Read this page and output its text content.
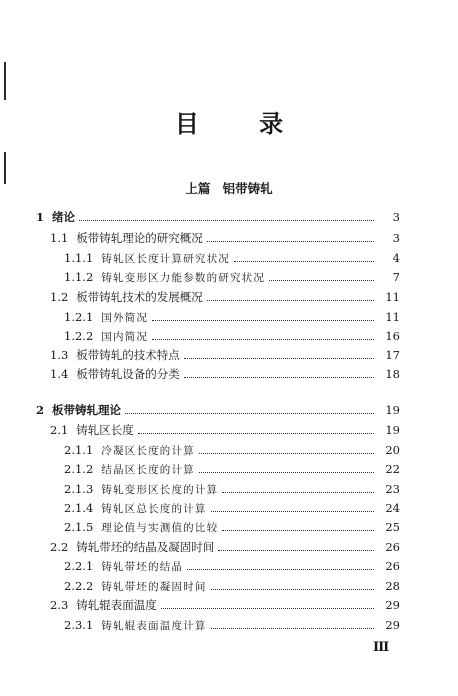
目 录
上篇 铝带铸轧
1 绪论	3
1.1 板带铸轧理论的研究概况	3
1.1.1 铸轧区长度计算研究状况	4
1.1.2 铸轧变形区力能参数的研究状况	7
1.2 板带铸轧技术的发展概况	11
1.2.1 国外简况	11
1.2.2 国内简况	16
1.3 板带铸轧的技术特点	17
1.4 板带铸轧设备的分类	18
2 板带铸轧理论	19
2.1 铸轧区长度	19
2.1.1 冷凝区长度的计算	20
2.1.2 结晶区长度的计算	22
2.1.3 铸轧变形区长度的计算	23
2.1.4 铸轧区总长度的计算	24
2.1.5 理论值与实测值的比较	25
2.2 铸轧带坯的结晶及凝固时间	26
2.2.1 铸轧带坯的结晶	26
2.2.2 铸轧带坯的凝固时间	28
2.3 铸轧辊表面温度	29
2.3.1 铸轧辊表面温度计算	29
III
